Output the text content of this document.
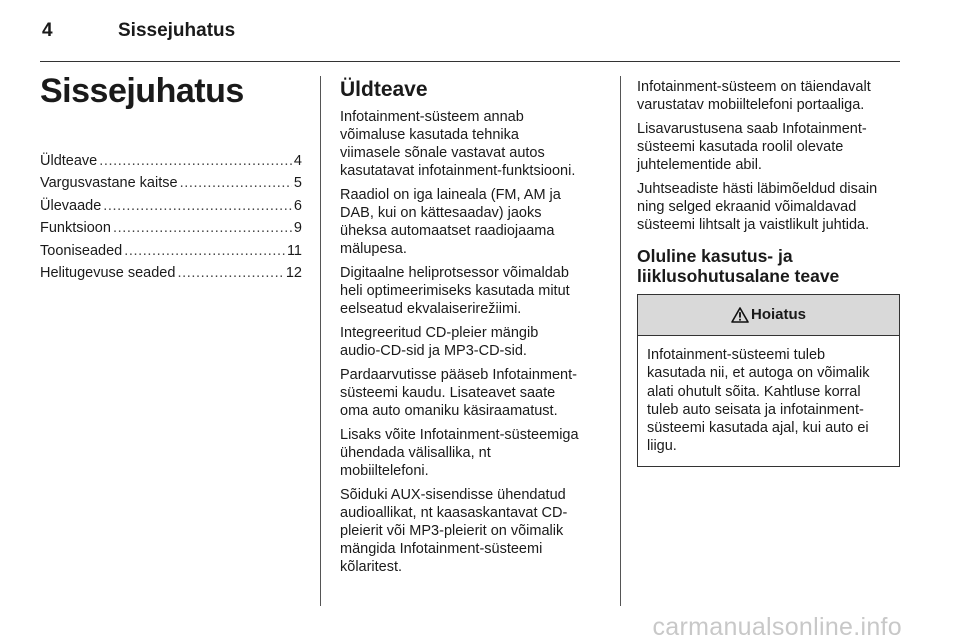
4	Sissejuhatus
Sissejuhatus
Üldteave .....	4
Vargusvastane kaitse .....	5
Ülevaade .....	6
Funktsioon .....	9
Tooniseaded .....	11
Helitugevuse seaded .....	12
Üldteave

Infotainment-süsteem annab
võimaluse kasutada tehnika
viimasele sõnale vastavat autos
kasutatavat infotainment-funktsiooni.

Raadiol on iga laineala (FM, AM ja
DAB, kui on kättesaadav) jaoks
üheksa automaatset raadiojaama
mälupesa.

Digitaalne heliprotsessor võimaldab
heli optimeerimiseks kasutada mitut
eelseatud ekvalaiserirežiimi.

Integreeritud CD-pleier mängib
audio-CD-sid ja MP3-CD-sid.

Pardaarvutisse pääseb Infotainment-
süsteemi kaudu. Lisateavet saate
oma auto omaniku käsiraamatust.

Lisaks võite Infotainment-süsteemiga
ühendada välisallika, nt
mobiiltelefoni.

Sõiduki AUX-sisendisse ühendatud
audioallikat, nt kaasaskantavat CD-
pleierit või MP3-pleierit on võimalik
mängida Infotainment-süsteemi
kõlaritest.

Infotainment-süsteem on täiendavalt
varustatav mobiiltelefoni portaaliga.

Lisavarustusena saab Infotainment-
süsteemi kasutada roolil olevate
juhtelementide abil.

Juhtseadiste hästi läbimõeldud disain
ning selged ekraanid võimaldavad
süsteemi lihtsalt ja vaistlikult juhtida.

Oluline kasutus- ja
liiklusohutusalane teave
Hoiatus
Infotainment-süsteemi tuleb
kasutada nii, et autoga on võimalik
alati ohutult sõita. Kahtluse korral
tuleb auto seisata ja infotainment-
süsteemi kasutada ajal, kui auto ei
liigu.
carmanualsonline.info
